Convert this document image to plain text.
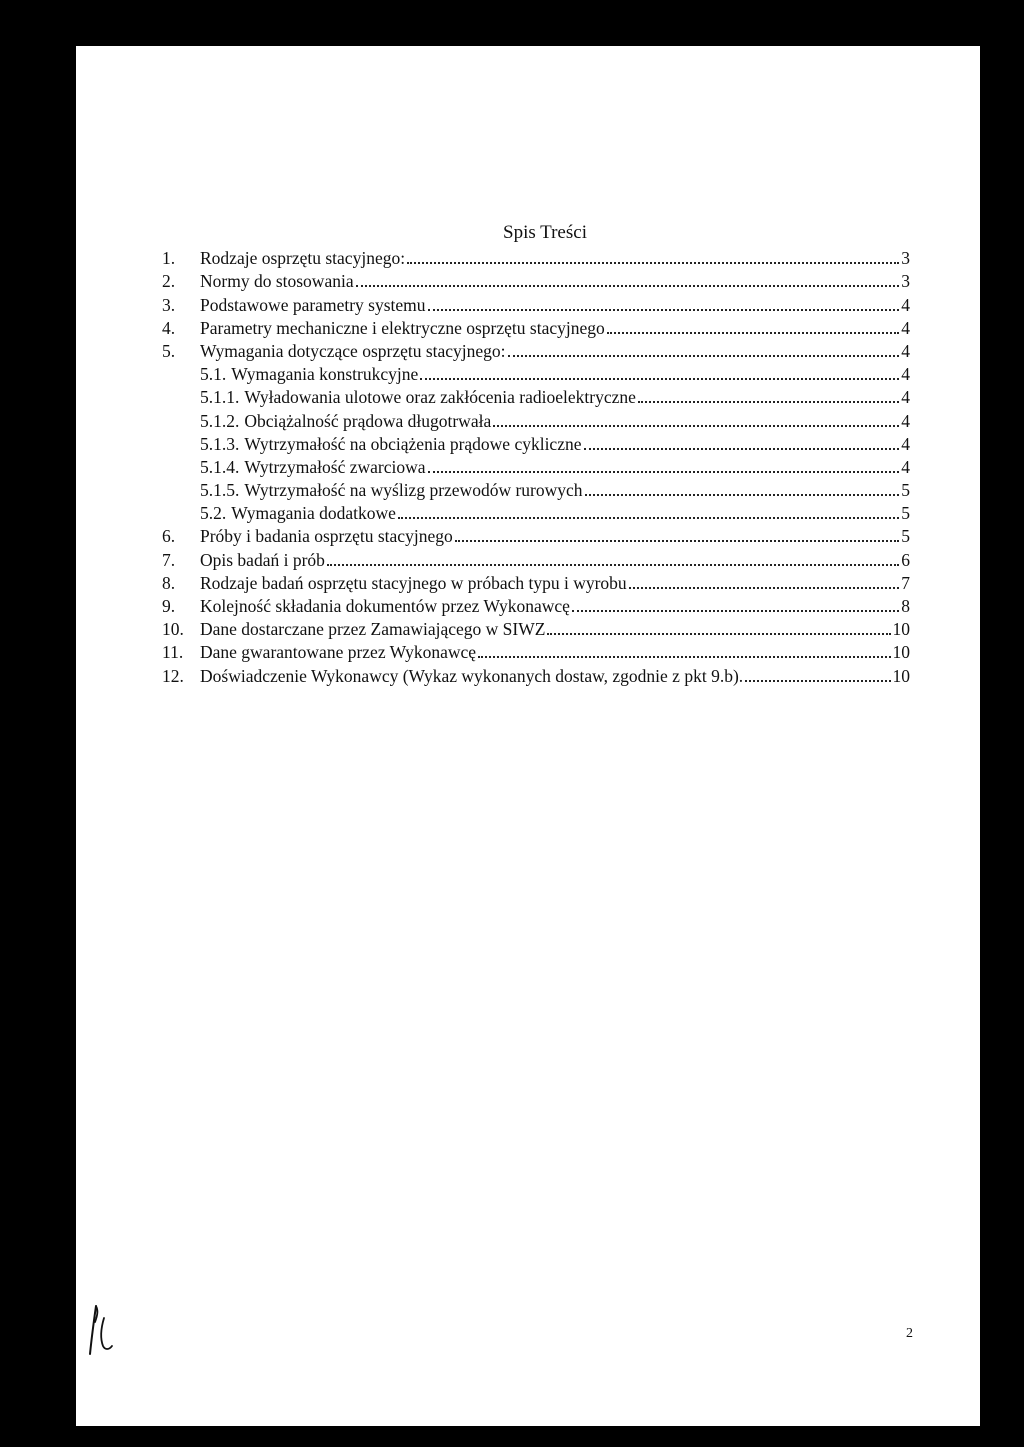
Spis Treści
1.	Rodzaje osprzętu stacyjnego:	3
2.	Normy do stosowania	3
3.	Podstawowe parametry systemu	4
4.	Parametry mechaniczne i elektryczne osprzętu stacyjnego	4
5.	Wymagania dotyczące osprzętu stacyjnego:	4
5.1. Wymagania konstrukcyjne	4
5.1.1. Wyładowania ulotowe oraz zakłócenia radioelektryczne	4
5.1.2. Obciążalność prądowa długotrwała	4
5.1.3. Wytrzymałość na obciążenia prądowe cykliczne	4
5.1.4. Wytrzymałość zwarciowa	4
5.1.5. Wytrzymałość na wyślizg przewodów rurowych	5
5.2. Wymagania dodatkowe	5
6.	Próby i badania osprzętu stacyjnego	5
7.	Opis badań i prób	6
8.	Rodzaje badań osprzętu stacyjnego w próbach typu i wyrobu	7
9.	Kolejność składania dokumentów przez Wykonawcę	8
10. Dane dostarczane przez Zamawiającego w SIWZ	10
11. Dane gwarantowane przez Wykonawcę	10
12. Doświadczenie Wykonawcy (Wykaz wykonanych dostaw, zgodnie z pkt 9.b).	10
2
